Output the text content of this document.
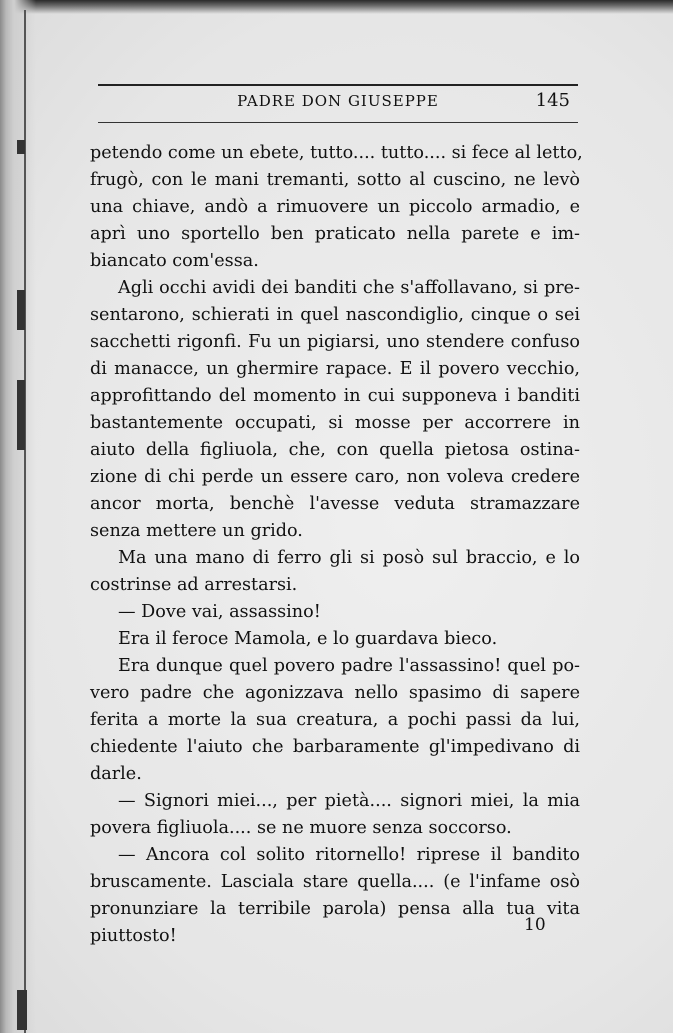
PADRE DON GIUSEPPE	145
petendo come un ebete, tutto.... tutto.... si fece al letto,
frugò, con le mani tremanti, sotto al cuscino, ne levò
una chiave, andò a rimuovere un piccolo armadio, e
aprì uno sportello ben praticato nella parete e im-
biancato com'essa.
Agli occhi avidi dei banditi che s'affollavano, si pre-
sentarono, schierati in quel nascondiglio, cinque o sei
sacchetti rigonfi. Fu un pigiarsi, uno stendere confuso
di manacce, un ghermire rapace. E il povero vecchio,
approfittando del momento in cui supponeva i banditi
bastantemente occupati, si mosse per accorrere in
aiuto della figliuola, che, con quella pietosa ostina-
zione di chi perde un essere caro, non voleva credere
ancor morta, benchè l'avesse veduta stramazzare
senza mettere un grido.
Ma una mano di ferro gli si posò sul braccio, e lo
costrinse ad arrestarsi.
— Dove vai, assassino!
Era il feroce Mamola, e lo guardava bieco.
Era dunque quel povero padre l'assassino! quel po-
vero padre che agonizzava nello spasimo di sapere
ferita a morte la sua creatura, a pochi passi da lui,
chiedente l'aiuto che barbaramente gl'impedivano di
darle.
— Signori miei..., per pietà.... signori miei, la mia
povera figliuola.... se ne muore senza soccorso.
— Ancora col solito ritornello! riprese il bandito
bruscamente. Lasciala stare quella.... (e l'infame osò
pronunziare la terribile parola) pensa alla tua vita
piuttosto!
10
